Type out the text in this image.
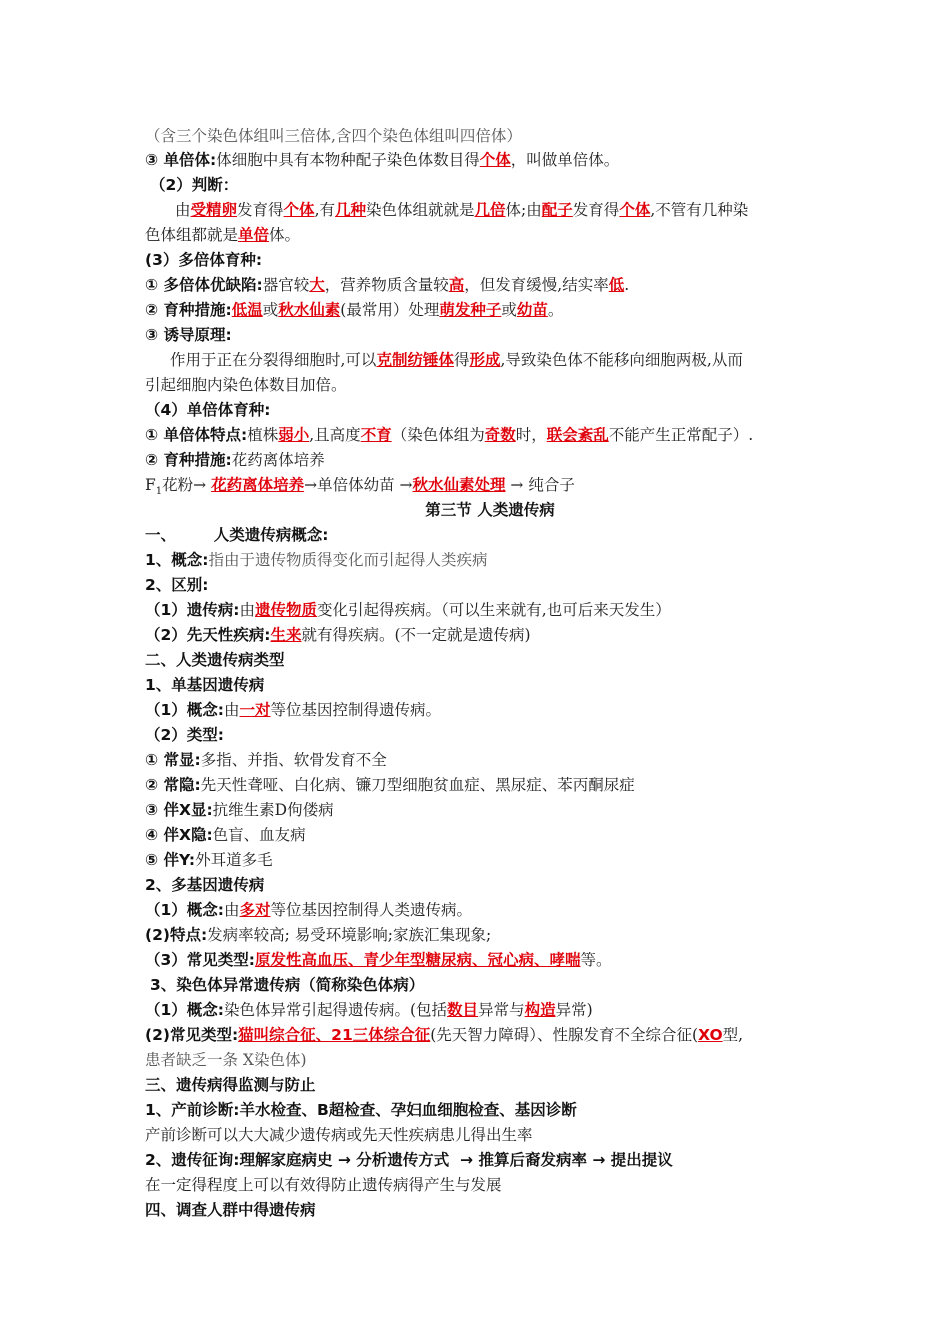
（含三个染色体组叫三倍体,含四个染色体组叫四倍体）
③ 单倍体:体细胞中具有本物种配子染色体数目得个体，叫做单倍体。
（2）判断：
由受精卵发育得个体,有几种染色体组就就是几倍体;由配子发育得个体,不管有几种染
色体组都就是单倍体。
(3）多倍体育种:
① 多倍体优缺陷:器官较大，营养物质含量较高，但发育缓慢,结实率低.
② 育种措施:低温或秋水仙素(最常用）处理萌发种子或幼苗。
③ 诱导原理:
作用于正在分裂得细胞时,可以克制纺锤体得形成,导致染色体不能移向细胞两极,从而
引起细胞内染色体数目加倍。
（4）单倍体育种:
① 单倍体特点:植株弱小,且高度不育（染色体组为奇数时，联会紊乱不能产生正常配子）.
② 育种措施:花药离体培养
$F_1$花粉→ 花药离体培养→单倍体幼苗 →秋水仙素处理 → 纯合子
第三节 人类遗传病
一、       人类遗传病概念:
1、概念:指由于遗传物质得变化而引起得人类疾病
2、区别:
（1）遗传病:由遗传物质变化引起得疾病。（可以生来就有,也可后来天发生）
（2）先天性疾病:生来就有得疾病。(不一定就是遗传病)
二、人类遗传病类型
1、单基因遗传病
（1）概念:由一对等位基因控制得遗传病。
（2）类型:
① 常显:多指、并指、软骨发育不全
② 常隐:先天性聋哑、白化病、镰刀型细胞贫血症、黑尿症、苯丙酮尿症
③ 伴X显:抗维生素D佝偻病
④ 伴X隐:色盲、血友病
⑤ 伴Y:外耳道多毛
2、多基因遗传病
（1）概念:由多对等位基因控制得人类遗传病。
(2)特点:发病率较高; 易受环境影响;家族汇集现象;
（3）常见类型:原发性高血压、青少年型糖尿病、冠心病、哮喘等。
3、染色体异常遗传病（简称染色体病）
（1）概念:染色体异常引起得遗传病。(包括数目异常与构造异常)
(2)常见类型:猫叫综合征、21三体综合征(先天智力障碍）、性腺发育不全综合征(XO型,
患者缺乏一条 X染色体)
三、遗传病得监测与防止
1、产前诊断:羊水检查、B超检查、孕妇血细胞检查、基因诊断
产前诊断可以大大减少遗传病或先天性疾病患儿得出生率
2、遗传征询:理解家庭病史 → 分析遗传方式  → 推算后裔发病率 → 提出提议
在一定得程度上可以有效得防止遗传病得产生与发展
四、调查人群中得遗传病
